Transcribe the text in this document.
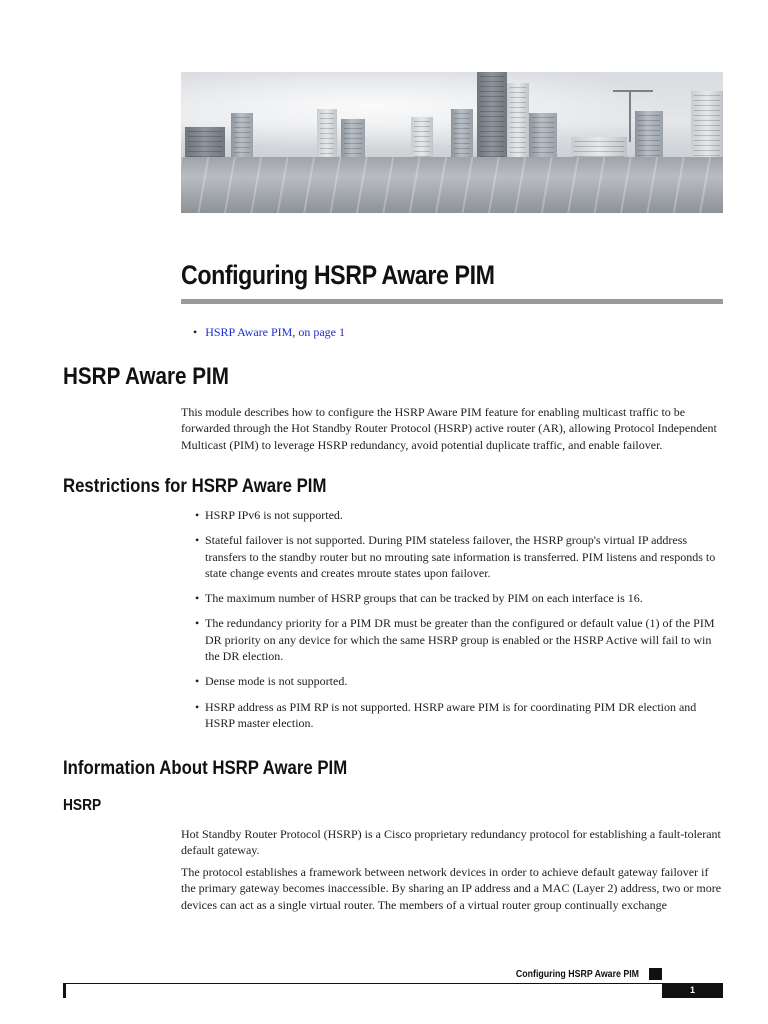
Configuring HSRP Aware PIM
• HSRP Aware PIM, on page 1
HSRP Aware PIM

This module describes how to configure the HSRP Aware PIM feature for enabling multicast traffic to be forwarded through the Hot Standby Router Protocol (HSRP) active router (AR), allowing Protocol Independent Multicast (PIM) to leverage HSRP redundancy, avoid potential duplicate traffic, and enable failover.

Restrictions for HSRP Aware PIM
• HSRP IPv6 is not supported.
• Stateful failover is not supported. During PIM stateless failover, the HSRP group's virtual IP address transfers to the standby router but no mrouting sate information is transferred. PIM listens and responds to state change events and creates mroute states upon failover.
• The maximum number of HSRP groups that can be tracked by PIM on each interface is 16.
• The redundancy priority for a PIM DR must be greater than the configured or default value (1) of the PIM DR priority on any device for which the same HSRP group is enabled or the HSRP Active will fail to win the DR election.
• Dense mode is not supported.
• HSRP address as PIM RP is not supported. HSRP aware PIM is for coordinating PIM DR election and HSRP master election.
Information About HSRP Aware PIM
HSRP

Hot Standby Router Protocol (HSRP) is a Cisco proprietary redundancy protocol for establishing a fault-tolerant default gateway.

The protocol establishes a framework between network devices in order to achieve default gateway failover if the primary gateway becomes inaccessible. By sharing an IP address and a MAC (Layer 2) address, two or more devices can act as a single virtual router. The members of a virtual router group continually exchange

Configuring HSRP Aware PIM
1
